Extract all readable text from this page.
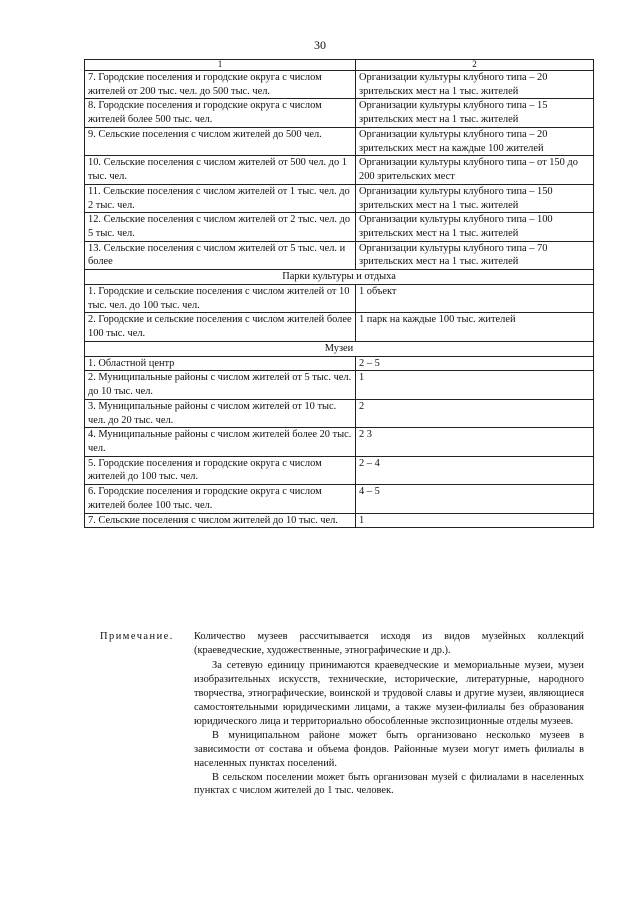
30
1	2
7. Городские поселения и городские округа с числом жителей от 200 тыс. чел. до 500 тыс. чел.	Организации культуры клубного типа – 20 зрительских мест на 1 тыс. жителей
8. Городские поселения и городские округа с числом жителей более 500 тыс. чел.	Организации культуры клубного типа – 15 зрительских мест на 1 тыс. жителей
9. Сельские поселения с числом жителей до 500 чел.	Организации культуры клубного типа – 20 зрительских мест на каждые 100 жителей
10. Сельские поселения с числом жителей от 500 чел. до 1 тыс. чел.	Организации культуры клубного типа – от 150 до 200 зрительских мест
11. Сельские поселения с числом жителей от 1 тыс. чел. до 2 тыс. чел.	Организации культуры клубного типа – 150 зрительских мест на 1 тыс. жителей
12. Сельские поселения с числом жителей от 2 тыс. чел. до 5 тыс. чел.	Организации культуры клубного типа – 100 зрительских мест на 1 тыс. жителей
13. Сельские поселения с числом жителей от 5 тыс. чел. и более	Организации культуры клубного типа – 70 зрительских мест на 1 тыс. жителей
Парки культуры и отдыха	
1. Городские и сельские поселения с числом жителей от 10 тыс. чел. до 100 тыс. чел.	1 объект
2. Городские и сельские поселения с числом жителей более 100 тыс. чел.	1 парк на каждые 100 тыс. жителей
Музеи	
1. Областной центр	2 – 5
2. Муниципальные районы с числом жителей от 5 тыс. чел. до 10 тыс. чел.	1
3. Муниципальные районы с числом жителей от 10 тыс. чел. до 20 тыс. чел.	2
4. Муниципальные районы с числом жителей более 20 тыс. чел.	2 3
5. Городские поселения и городские округа с числом жителей до 100 тыс. чел.	2 – 4
6. Городские поселения и городские округа с числом жителей более 100 тыс. чел.	4 – 5
7. Сельские поселения с числом жителей до 10 тыс. чел.	1
Примечание.	Количество музеев рассчитывается исходя из видов музейных коллекций (краеведческие, художественные, этнографические и др.).

За сетевую единицу принимаются краеведческие и мемориальные музеи, музеи изобразительных искусств, технические, исторические, литературные, народного творчества, этнографические, воинской и трудовой славы и другие музеи, являющиеся самостоятельными юридическими лицами, а также музеи-филиалы без образования юридического лица и территориально обособленные экспозиционные отделы музеев.

В муниципальном районе может быть организовано несколько музеев в зависимости от состава и объема фондов. Районные музеи могут иметь филиалы в населенных пунктах поселений.

В сельском поселении может быть организован музей с филиалами в населенных пунктах с числом жителей до 1 тыс. человек.
